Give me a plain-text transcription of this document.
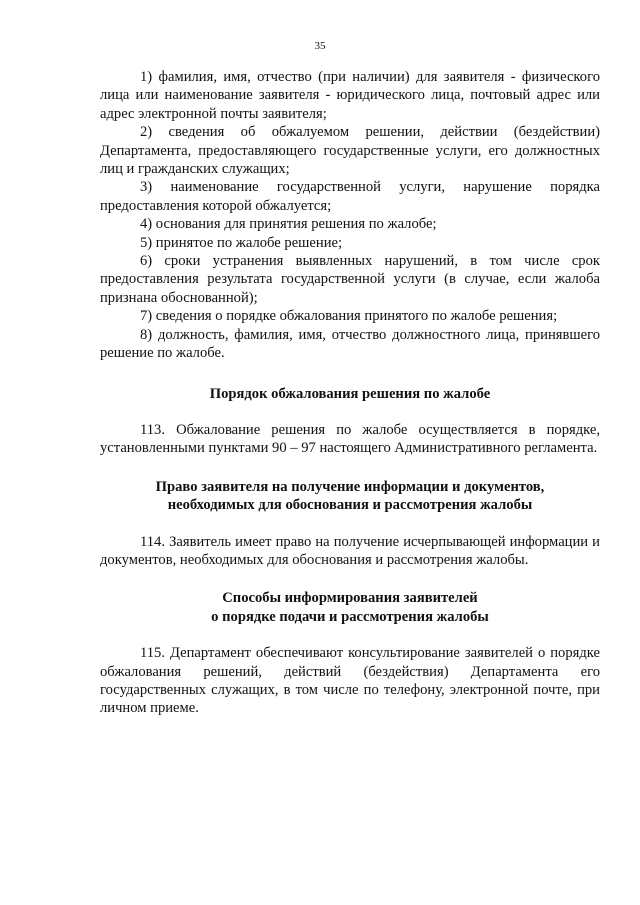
35

1) фамилия, имя, отчество (при наличии) для заявителя - физического лица или наименование заявителя - юридического лица, почтовый адрес или адрес электронной почты заявителя;

2) сведения об обжалуемом решении, действии (бездействии) Департамента, предоставляющего государственные услуги, его должностных лиц и гражданских служащих;

3) наименование государственной услуги, нарушение порядка предоставления которой обжалуется;

4) основания для принятия решения по жалобе;

5) принятое по жалобе решение;

6) сроки устранения выявленных нарушений, в том числе срок предоставления результата государственной услуги (в случае, если жалоба признана обоснованной);

7) сведения о порядке обжалования принятого по жалобе решения;

8) должность, фамилия, имя, отчество должностного лица, принявшего решение по жалобе.

Порядок обжалования решения по жалобе

113. Обжалование решения по жалобе осуществляется в порядке, установленными пунктами 90 – 97 настоящего Административного регламента.

Право заявителя на получение информации и документов,
необходимых для обоснования и рассмотрения жалобы

114. Заявитель имеет право на получение исчерпывающей информации и документов, необходимых для обоснования и рассмотрения жалобы.

Способы информирования заявителей
о порядке подачи и рассмотрения жалобы

115. Департамент обеспечивают консультирование заявителей о порядке обжалования решений, действий (бездействия) Департамента его государственных служащих, в том числе по телефону, электронной почте, при личном приеме.
